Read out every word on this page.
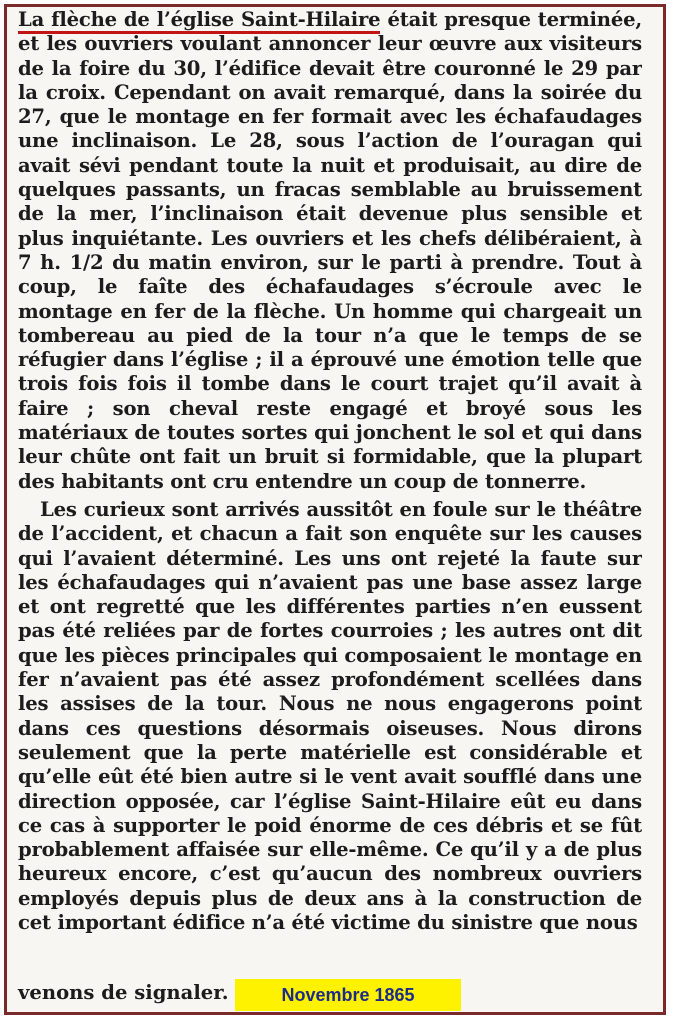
La flèche de l’église Saint-Hilaire était presque terminée, et les ouvriers voulant annoncer leur œuvre aux visiteurs de la foire du 30, l’édifice devait être couronné le 29 par la croix. Cependant on avait remarqué, dans la soirée du 27, que le montage en fer formait avec les échafaudages une inclinaison. Le 28, sous l’action de l’ouragan qui avait sévi pendant toute la nuit et produisait, au dire de quelques passants, un fracas semblable au bruissement de la mer, l’inclinaison était devenue plus sensible et plus inquiétante. Les ouvriers et les chefs délibéraient, à 7 h. 1/2 du matin environ, sur le parti à prendre. Tout à coup, le faîte des échafaudages s’écroule avec le montage en fer de la flèche. Un homme qui chargeait un tombereau au pied de la tour n’a que le temps de se réfugier dans l’église ; il a éprouvé une émotion telle que trois fois fois il tombe dans le court trajet qu’il avait à faire ; son cheval reste engagé et broyé sous les matériaux de toutes sortes qui jonchent le sol et qui dans leur chûte ont fait un bruit si formidable, que la plupart des habitants ont cru entendre un coup de tonnerre.

Les curieux sont arrivés aussitôt en foule sur le théâtre de l’accident, et chacun a fait son enquête sur les causes qui l’avaient déterminé. Les uns ont rejeté la faute sur les échafaudages qui n’avaient pas une base assez large et ont regretté que les différentes parties n’en eussent pas été reliées par de fortes courroies ; les autres ont dit que les pièces principales qui composaient le montage en fer n’avaient pas été assez profondément scellées dans les assises de la tour. Nous ne nous engagerons point dans ces questions désormais oiseuses. Nous dirons seulement que la perte matérielle est considérable et qu’elle eût été bien autre si le vent avait soufflé dans une direction opposée, car l’église Saint-Hilaire eût eu dans ce cas à supporter le poid énorme de ces débris et se fût probablement affaisée sur elle-même. Ce qu’il y a de plus heureux encore, c’est qu’aucun des nombreux ouvriers employés depuis plus de deux ans à la construction de cet important édifice n’a été victime du sinistre que nous

venons de signaler.	Novembre 1865
